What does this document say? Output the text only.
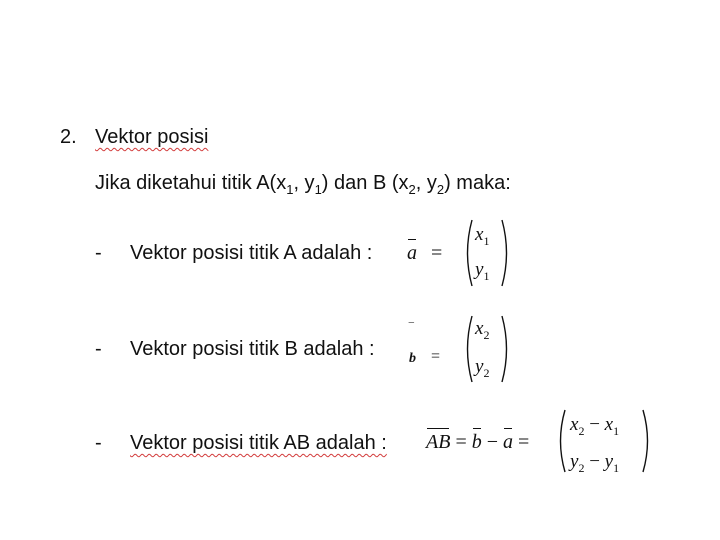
2. Vektor posisi
Jika diketahui titik $A(x_1$, $y_1$) dan B ($x_2$, $y_2$) maka:
- Vektor posisi titik A adalah : a =
$x_1$
$y_1$
- Vektor posisi titik B adalah :
‾
b =
$x_2$
$y_2$
- Vektor posisi titik AB adalah : AB = b − a =
$x_2 - x_1$
$y_2 - y_1$
